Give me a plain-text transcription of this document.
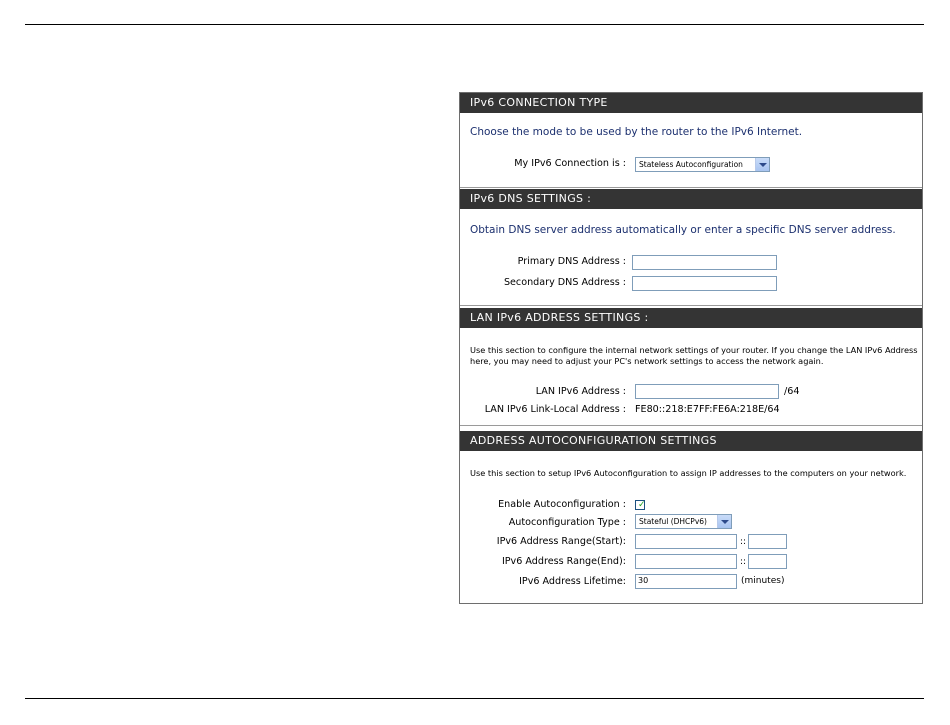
IPv6 CONNECTION TYPE
Choose the mode to be used by the router to the IPv6 Internet.
My IPv6 Connection is :	Stateless Autoconfiguration
IPv6 DNS SETTINGS :
Obtain DNS server address automatically or enter a specific DNS server address.
Primary DNS Address :
Secondary DNS Address :
LAN IPv6 ADDRESS SETTINGS :
Use this section to configure the internal network settings of your router. If you change the LAN IPv6 Address
here, you may need to adjust your PC's network settings to access the network again.
LAN IPv6 Address :	/64
LAN IPv6 Link-Local Address : FE80::218:E7FF:FE6A:218E/64
ADDRESS AUTOCONFIGURATION SETTINGS
Use this section to setup IPv6 Autoconfiguration to assign IP addresses to the computers on your network.
Enable Autoconfiguration : ✓
Autoconfiguration Type :	Stateful (DHCPv6)
IPv6 Address Range(Start):	::
IPv6 Address Range(End):	::
IPv6 Address Lifetime:	30	(minutes)
